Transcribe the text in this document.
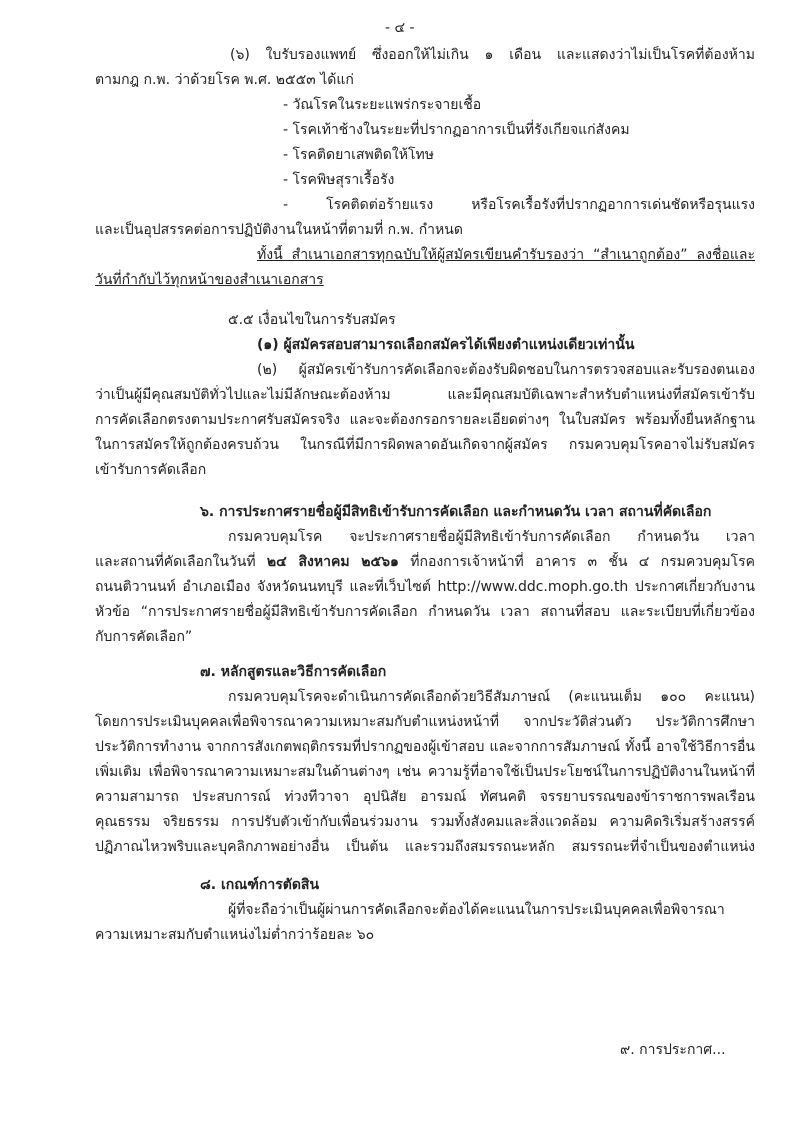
- ๔ -
(๖) ใบรับรองแพทย์ ซึ่งออกให้ไม่เกิน ๑ เดือน และแสดงว่าไม่เป็นโรคที่ต้องห้าม
ตามกฎ ก.พ. ว่าด้วยโรค พ.ศ. ๒๕๕๓ ได้แก่
- วัณโรคในระยะแพร่กระจายเชื้อ
- โรคเท้าช้างในระยะที่ปรากฏอาการเป็นที่รังเกียจแก่สังคม
- โรคติดยาเสพติดให้โทษ
- โรคพิษสุราเรื้อรัง
- โรคติดต่อร้ายแรง หรือโรคเรื้อรังที่ปรากฏอาการเด่นชัดหรือรุนแรง
และเป็นอุปสรรคต่อการปฏิบัติงานในหน้าที่ตามที่ ก.พ. กำหนด
ทั้งนี้ สำเนาเอกสารทุกฉบับให้ผู้สมัครเขียนคำรับรองว่า “สำเนาถูกต้อง” ลงชื่อและ
วันที่กำกับไว้ทุกหน้าของสำเนาเอกสาร
๕.๕ เงื่อนไขในการรับสมัคร
(๑) ผู้สมัครสอบสามารถเลือกสมัครได้เพียงตำแหน่งเดียวเท่านั้น
(๒) ผู้สมัครเข้ารับการคัดเลือกจะต้องรับผิดชอบในการตรวจสอบและรับรองตนเอง
ว่าเป็นผู้มีคุณสมบัติทั่วไปและไม่มีลักษณะต้องห้าม และมีคุณสมบัติเฉพาะสำหรับตำแหน่งที่สมัครเข้ารับ
การคัดเลือกตรงตามประกาศรับสมัครจริง และจะต้องกรอกรายละเอียดต่างๆ ในใบสมัคร พร้อมทั้งยื่นหลักฐาน
ในการสมัครให้ถูกต้องครบถ้วน ในกรณีที่มีการผิดพลาดอันเกิดจากผู้สมัคร กรมควบคุมโรคอาจไม่รับสมัคร
เข้ารับการคัดเลือก
๖. การประกาศรายชื่อผู้มีสิทธิเข้ารับการคัดเลือก และกำหนดวัน เวลา สถานที่คัดเลือก
กรมควบคุมโรค จะประกาศรายชื่อผู้มีสิทธิเข้ารับการคัดเลือก กำหนดวัน เวลา
และสถานที่คัดเลือกในวันที่ ๒๔ สิงหาคม ๒๕๖๑ ที่กองการเจ้าหน้าที่ อาคาร ๓ ชั้น ๔ กรมควบคุมโรค
ถนนติวานนท์ อำเภอเมือง จังหวัดนนทบุรี และที่เว็บไซต์ http://www.ddc.moph.go.th ประกาศเกี่ยวกับงาน
หัวข้อ “การประกาศรายชื่อผู้มีสิทธิเข้ารับการคัดเลือก กำหนดวัน เวลา สถานที่สอบ และระเบียบที่เกี่ยวข้อง
กับการคัดเลือก”
๗. หลักสูตรและวิธีการคัดเลือก
กรมควบคุมโรคจะดำเนินการคัดเลือกด้วยวิธีสัมภาษณ์ (คะแนนเต็ม ๑๐๐ คะแนน)
โดยการประเมินบุคคลเพื่อพิจารณาความเหมาะสมกับตำแหน่งหน้าที่ จากประวัติส่วนตัว ประวัติการศึกษา
ประวัติการทำงาน จากการสังเกตพฤติกรรมที่ปรากฏของผู้เข้าสอบ และจากการสัมภาษณ์ ทั้งนี้ อาจใช้วิธีการอื่น
เพิ่มเติม เพื่อพิจารณาความเหมาะสมในด้านต่างๆ เช่น ความรู้ที่อาจใช้เป็นประโยชน์ในการปฏิบัติงานในหน้าที่
ความสามารถ ประสบการณ์ ท่วงทีวาจา อุปนิสัย อารมณ์ ทัศนคติ จรรยาบรรณของข้าราชการพลเรือน
คุณธรรม จริยธรรม การปรับตัวเข้ากับเพื่อนร่วมงาน รวมทั้งสังคมและสิ่งแวดล้อม ความคิดริเริ่มสร้างสรรค์
ปฏิภาณไหวพริบและบุคลิกภาพอย่างอื่น เป็นต้น และรวมถึงสมรรถนะหลัก สมรรถนะที่จำเป็นของตำแหน่ง
๘. เกณฑ์การตัดสิน
ผู้ที่จะถือว่าเป็นผู้ผ่านการคัดเลือกจะต้องได้คะแนนในการประเมินบุคคลเพื่อพิจารณา
ความเหมาะสมกับตำแหน่งไม่ต่ำกว่าร้อยละ ๖๐
๙. การประกาศ...
